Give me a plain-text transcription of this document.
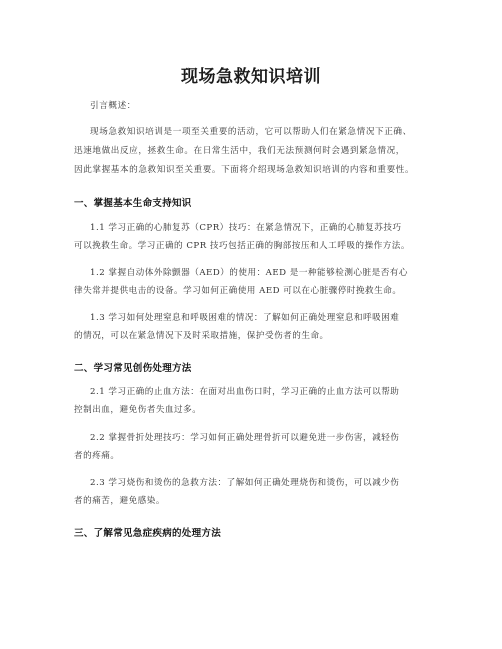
现场急救知识培训
引言概述：
现场急救知识培训是一项至关重要的活动，它可以帮助人们在紧急情况下正确、
迅速地做出反应，拯救生命。在日常生活中，我们无法预测何时会遇到紧急情况，
因此掌握基本的急救知识至关重要。下面将介绍现场急救知识培训的内容和重要性。
一、掌握基本生命支持知识
1.1 学习正确的心肺复苏（CPR）技巧：在紧急情况下，正确的心肺复苏技巧
可以挽救生命。学习正确的 CPR 技巧包括正确的胸部按压和人工呼吸的操作方法。
1.2 掌握自动体外除颤器（AED）的使用：AED 是一种能够检测心脏是否有心
律失常并提供电击的设备。学习如何正确使用 AED 可以在心脏骤停时挽救生命。
1.3 学习如何处理窒息和呼吸困难的情况：了解如何正确处理窒息和呼吸困难
的情况，可以在紧急情况下及时采取措施，保护受伤者的生命。
二、学习常见创伤处理方法
2.1 学习正确的止血方法：在面对出血伤口时，学习正确的止血方法可以帮助
控制出血，避免伤者失血过多。
2.2 掌握骨折处理技巧：学习如何正确处理骨折可以避免进一步伤害，减轻伤
者的疼痛。
2.3 学习烧伤和烫伤的急救方法：了解如何正确处理烧伤和烫伤，可以减少伤
者的痛苦，避免感染。
三、了解常见急症疾病的处理方法
